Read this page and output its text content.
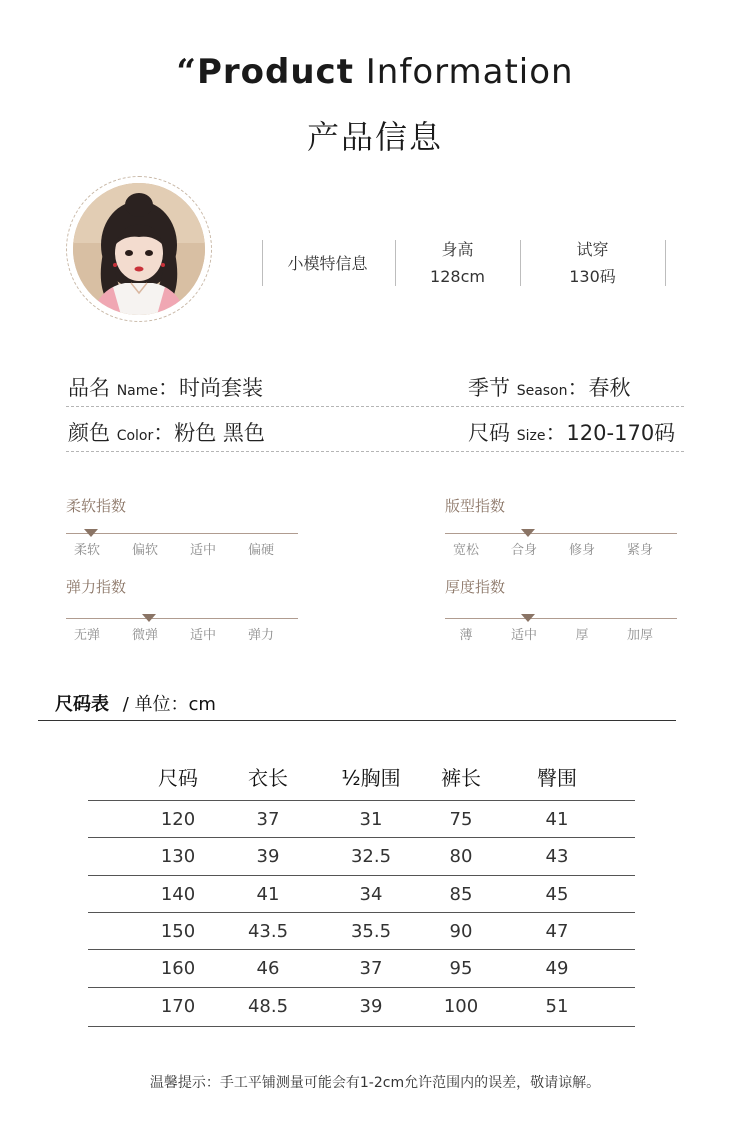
“Product Information
产品信息
小模特信息
身高
128cm
试穿
130码
品名 Name：时尚套装	季节 Season：春秋
颜色 Color：粉色 黑色	尺码 Size：120-170码
柔软指数
柔软	偏软	适中	偏硬
版型指数
宽松	合身	修身	紧身
弹力指数
无弹	微弹	适中	弹力
厚度指数
薄	适中	厚	加厚
尺码表 / 单位：cm
尺码	衣长	½胸围	裤长	臀围
120	37	31	75	41
130	39	32.5	80	43
140	41	34	85	45
150	43.5	35.5	90	47
160	46	37	95	49
170	48.5	39	100	51
温馨提示：手工平铺测量可能会有1-2cm允许范围内的误差，敬请谅解。
